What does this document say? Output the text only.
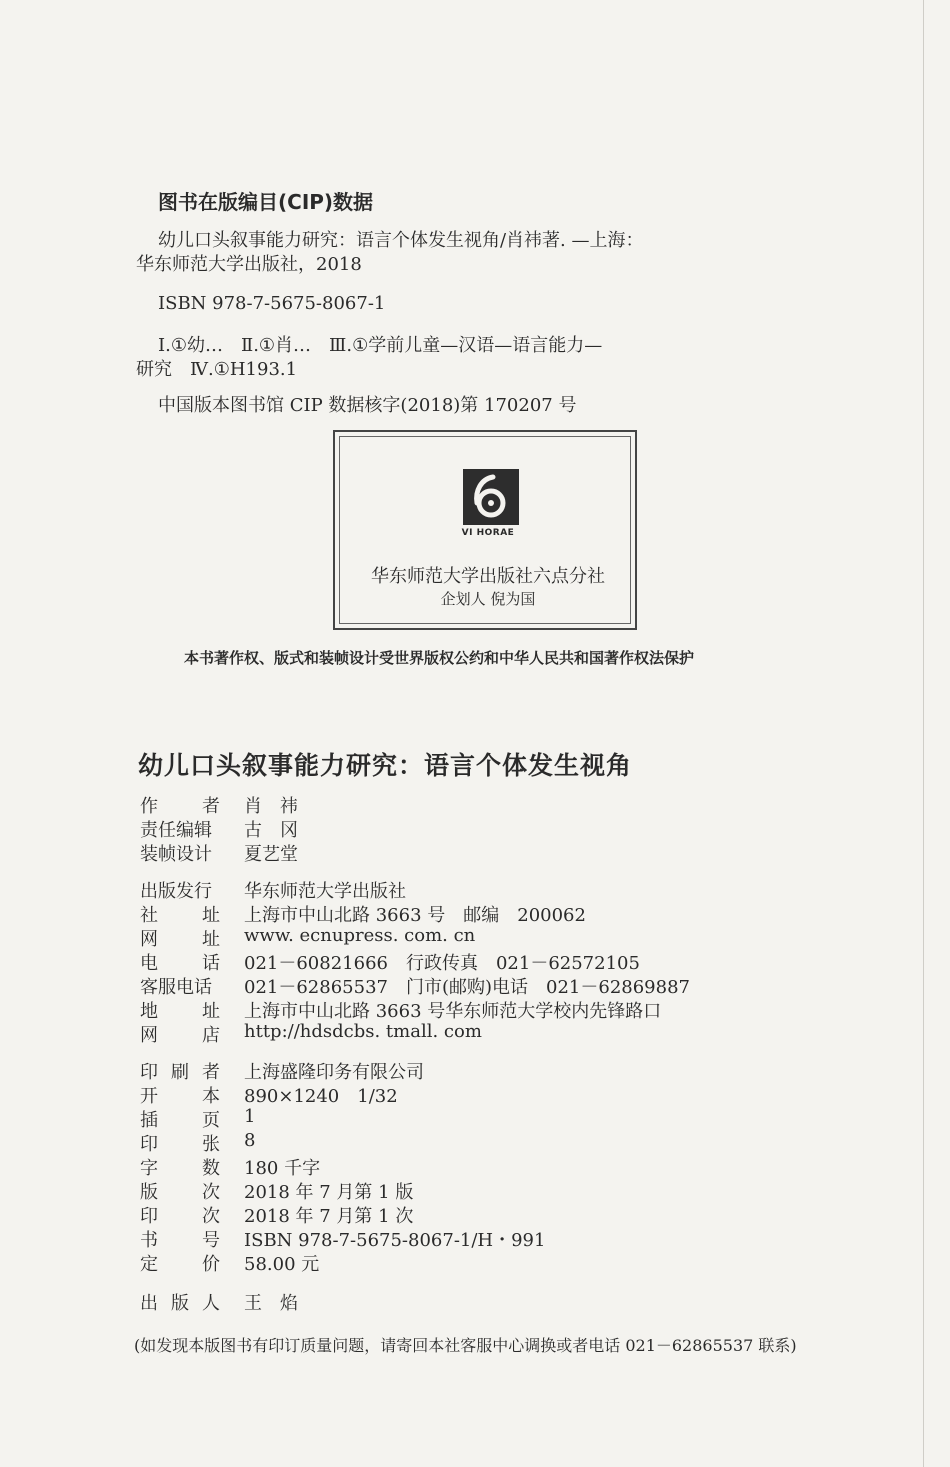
图书在版编目(CIP)数据
幼儿口头叙事能力研究：语言个体发生视角/肖祎著. —上海：
华东师范大学出版社，2018
ISBN 978-7-5675-8067-1
Ⅰ.①幼…　Ⅱ.①肖…　Ⅲ.①学前儿童—汉语—语言能力—
研究　Ⅳ.①H193.1
中国版本图书馆 CIP 数据核字(2018)第 170207 号
VI HORAE
华东师范大学出版社六点分社
企划人 倪为国
本书著作权、版式和装帧设计受世界版权公约和中华人民共和国著作权法保护
幼儿口头叙事能力研究：语言个体发生视角
作 者 肖　祎
责任编辑	古　冈
装帧设计	夏艺堂
出版发行	华东师范大学出版社
社 址 上海市中山北路 3663 号　邮编　200062
网 址 www. ecnupress. com. cn
电 话 021－60821666　行政传真　021－62572105
客服电话	021－62865537　门市(邮购)电话　021－62869887
地 址 上海市中山北路 3663 号华东师范大学校内先锋路口
网 店 http://hdsdcbs. tmall. com
印 刷 者 上海盛隆印务有限公司
开 本 890×1240　1/32
插 页 1
印 张 8
字 数 180 千字
版 次 2018 年 7 月第 1 版
印 次 2018 年 7 月第 1 次
书 号 ISBN 978-7-5675-8067-1/H・991
定 价 58.00 元
出 版 人 王　焰
(如发现本版图书有印订质量问题，请寄回本社客服中心调换或者电话 021－62865537 联系)
